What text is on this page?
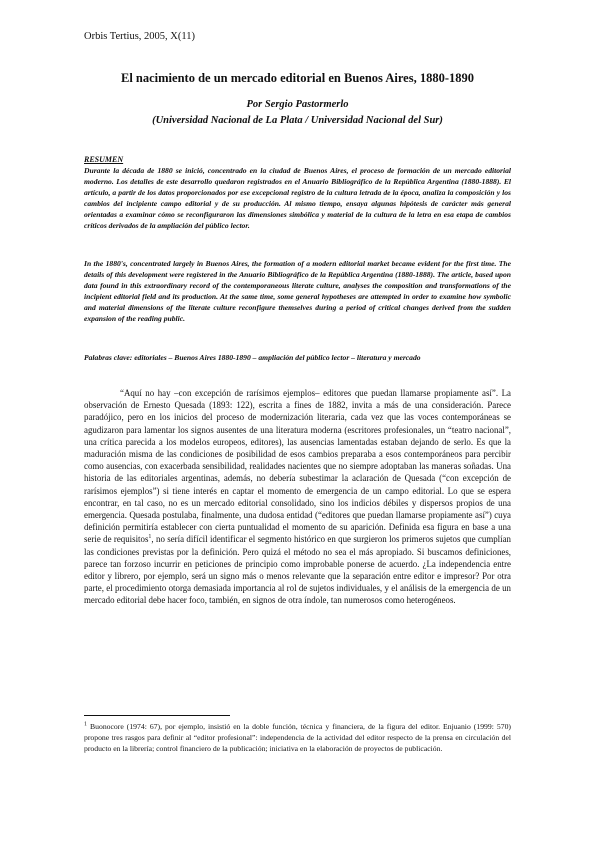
Orbis Tertius, 2005, X(11)
El nacimiento de un mercado editorial en Buenos Aires, 1880-1890
Por Sergio Pastormerlo
(Universidad Nacional de La Plata / Universidad Nacional del Sur)
RESUMEN

Durante la década de 1880 se inició, concentrado en la ciudad de Buenos Aires, el proceso de formación de un mercado editorial moderno. Los detalles de este desarrollo quedaron registrados en el Anuario Bibliográfico de la República Argentina (1880-1888). El artículo, a partir de los datos proporcionados por ese excepcional registro de la cultura letrada de la época, analiza la composición y los cambios del incipiente campo editorial y de su producción. Al mismo tiempo, ensaya algunas hipótesis de carácter más general orientadas a examinar cómo se reconfiguraron las dimensiones simbólica y material de la cultura de la letra en esa etapa de cambios críticos derivados de la ampliación del público lector.

In the 1880's, concentrated largely in Buenos Aires, the formation of a modern editorial market became evident for the first time. The details of this development were registered in the Anuario Bibliográfico de la República Argentina (1880-1888). The article, based upon data found in this extraordinary record of the contemporaneous literate culture, analyses the composition and transformations of the incipient editorial field and its production. At the same time, some general hypotheses are attempted in order to examine how symbolic and material dimensions of the literate culture reconfigure themselves during a period of critical changes derived from the sudden expansion of the reading public.

Palabras clave: editoriales – Buenos Aires 1880-1890 – ampliación del público lector – literatura y mercado

“Aquí no hay –con excepción de rarísimos ejemplos– editores que puedan llamarse propiamente así”. La observación de Ernesto Quesada (1893: 122), escrita a fines de 1882, invita a más de una consideración. Parece paradójico, pero en los inicios del proceso de modernización literaria, cada vez que las voces contemporáneas se agudizaron para lamentar los signos ausentes de una literatura moderna (escritores profesionales, un “teatro nacional”, una crítica parecida a los modelos europeos, editores), las ausencias lamentadas estaban dejando de serlo. Es que la maduración misma de las condiciones de posibilidad de esos cambios preparaba a esos contemporáneos para percibir como ausencias, con exacerbada sensibilidad, realidades nacientes que no siempre adoptaban las maneras soñadas. Una historia de las editoriales argentinas, además, no debería subestimar la aclaración de Quesada (“con excepción de rarísimos ejemplos”) si tiene interés en captar el momento de emergencia de un campo editorial. Lo que se espera encontrar, en tal caso, no es un mercado editorial consolidado, sino los indicios débiles y dispersos propios de una emergencia. Quesada postulaba, finalmente, una dudosa entidad (“editores que puedan llamarse propiamente así”) cuya definición permitiría establecer con cierta puntualidad el momento de su aparición. Definida esa figura en base a una serie de requisitos$^1$, no sería difícil identificar el segmento histórico en que surgieron los primeros sujetos que cumplían las condiciones previstas por la definición. Pero quizá el método no sea el más apropiado. Si buscamos definiciones, parece tan forzoso incurrir en peticiones de principio como improbable ponerse de acuerdo. ¿La independencia entre editor y librero, por ejemplo, será un signo más o menos relevante que la separación entre editor e impresor? Por otra parte, el procedimiento otorga demasiada importancia al rol de sujetos individuales, y el análisis de la emergencia de un mercado editorial debe hacer foco, también, en signos de otra índole, tan numerosos como heterogéneos.

$^1$ Buonocore (1974: 67), por ejemplo, insistió en la doble función, técnica y financiera, de la figura del editor. Enjuanio (1999: 570) propone tres rasgos para definir al “editor profesional”: independencia de la actividad del editor respecto de la prensa en circulación del producto en la librería; control financiero de la publicación; iniciativa en la elaboración de proyectos de publicación.
